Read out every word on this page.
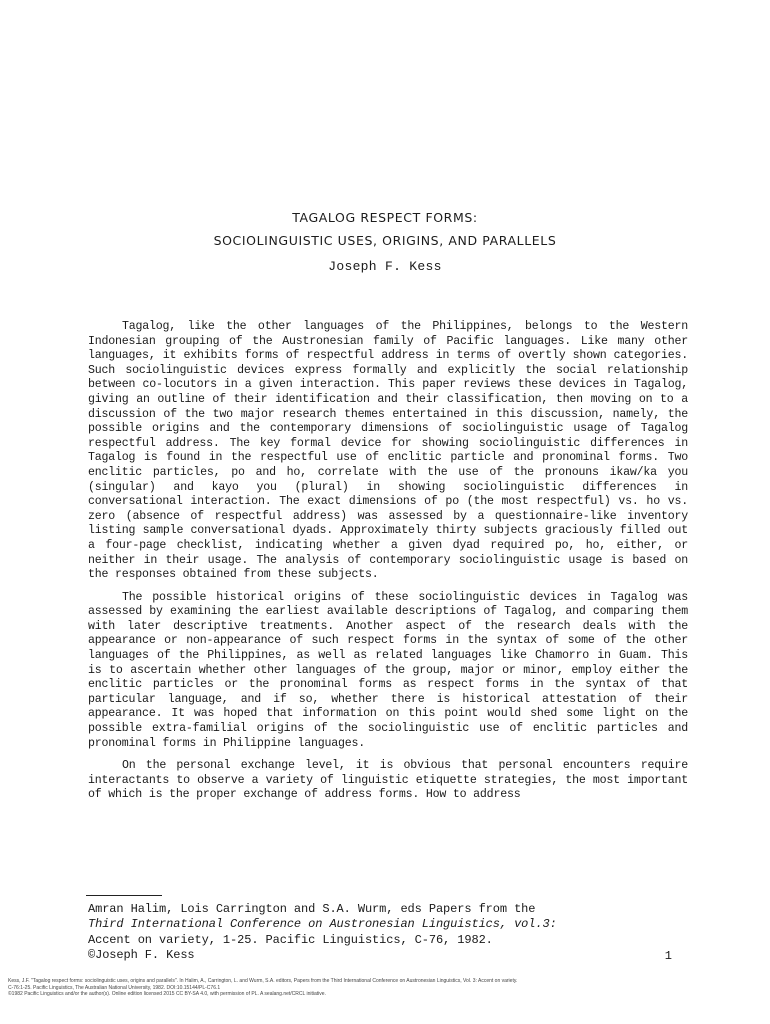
TAGALOG RESPECT FORMS:
SOCIOLINGUISTIC USES, ORIGINS, AND PARALLELS
Joseph F. Kess

Tagalog, like the other languages of the Philippines, belongs to the Western Indonesian grouping of the Austronesian family of Pacific languages. Like many other languages, it exhibits forms of respectful address in terms of overtly shown categories. Such sociolinguistic devices express formally and explicitly the social relationship between co-locutors in a given interaction. This paper reviews these devices in Tagalog, giving an outline of their identification and their classification, then moving on to a discussion of the two major research themes entertained in this discussion, namely, the possible origins and the contemporary dimensions of sociolinguistic usage of Tagalog respectful address. The key formal device for showing sociolinguistic differences in Tagalog is found in the respectful use of enclitic particle and pronominal forms. Two enclitic particles, po and ho, correlate with the use of the pronouns ikaw/ka you (singular) and kayo you (plural) in showing sociolinguistic differences in conversational interaction. The exact dimensions of po (the most respectful) vs. ho vs. zero (absence of respectful address) was assessed by a questionnaire-like inventory listing sample conversational dyads. Approximately thirty subjects graciously filled out a four-page checklist, indicating whether a given dyad required po, ho, either, or neither in their usage. The analysis of contemporary sociolinguistic usage is based on the responses obtained from these subjects.

The possible historical origins of these sociolinguistic devices in Tagalog was assessed by examining the earliest available descriptions of Tagalog, and comparing them with later descriptive treatments. Another aspect of the research deals with the appearance or non-appearance of such respect forms in the syntax of some of the other languages of the Philippines, as well as related languages like Chamorro in Guam. This is to ascertain whether other languages of the group, major or minor, employ either the enclitic particles or the pronominal forms as respect forms in the syntax of that particular language, and if so, whether there is historical attestation of their appearance. It was hoped that information on this point would shed some light on the possible extra-familial origins of the sociolinguistic use of enclitic particles and pronominal forms in Philippine languages.

On the personal exchange level, it is obvious that personal encounters require interactants to observe a variety of linguistic etiquette strategies, the most important of which is the proper exchange of address forms. How to address

Amran Halim, Lois Carrington and S.A. Wurm, eds Papers from the
Third International Conference on Austronesian Linguistics, vol.3:
Accent on variety, 1-25. Pacific Linguistics, C-76, 1982.
©Joseph F. Kess	1
Kess, J.F. "Tagalog respect forms: sociolinguistic uses, origins and parallels". In Halim, A., Carrington, L. and Wurm, S.A. editors, Papers from the Third International Conference on Austronesian Linguistics, Vol. 3: Accent on variety.
C-76:1-25. Pacific Linguistics, The Australian National University, 1982. DOI:10.15144/PL-C76.1
©1982 Pacific Linguistics and/or the author(s). Online edition licensed 2015 CC BY-SA 4.0, with permission of PL. A sealang.net/CRCL initiative.
